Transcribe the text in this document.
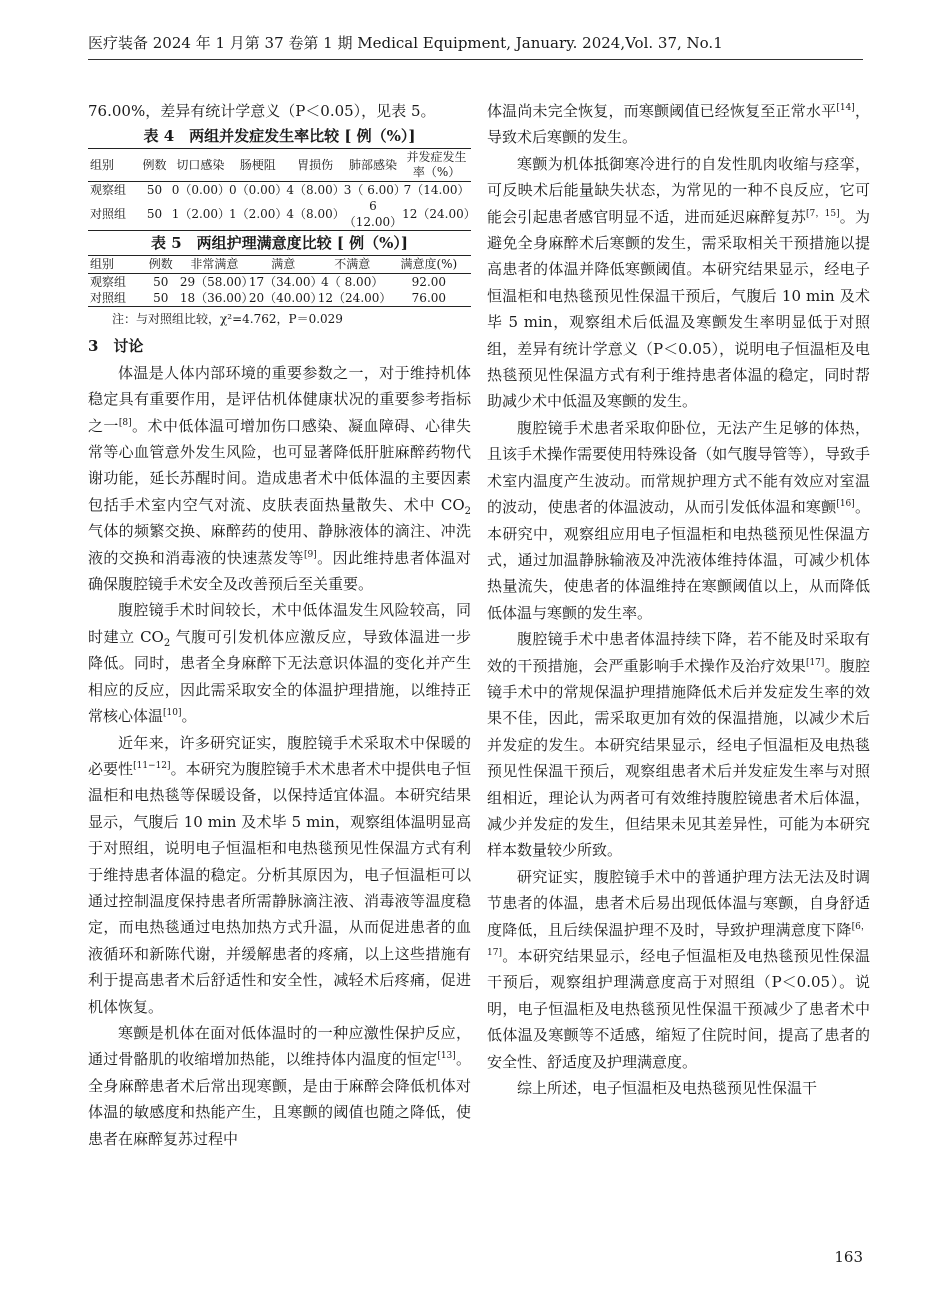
医疗装备 2024 年 1 月第 37 卷第 1 期 Medical Equipment, January. 2024,Vol. 37, No.1

76.00%，差异有统计学意义（P＜0.05），见表 5。

表 4　两组并发症发生率比较 [ 例（%）]
组别	例数	切口感染	肠梗阻	胃损伤	肺部感染	并发症发生率（%）
观察组	50	0（0.00）	0（0.00）	4（8.00）	3（ 6.00）	7（14.00）
对照组	50	1（2.00）	1（2.00）	4（8.00）	6（12.00）	12（24.00）
表 5　两组护理满意度比较 [ 例（%）]
组别	例数	非常满意	满意	不满意	满意度(%)
观察组	50	29（58.00）	17（34.00）	4（ 8.00）	92.00
对照组	50	18（36.00）	20（40.00）	12（24.00）	76.00
注：与对照组比较，χ²=4.762，P＝0.029
3　讨论

体温是人体内部环境的重要参数之一，对于维持机体稳定具有重要作用，是评估机体健康状况的重要参考指标之一[8]。术中低体温可增加伤口感染、凝血障碍、心律失常等心血管意外发生风险，也可显著降低肝脏麻醉药物代谢功能，延长苏醒时间。造成患者术中低体温的主要因素包括手术室内空气对流、皮肤表面热量散失、术中 $CO_2$ 气体的频繁交换、麻醉药的使用、静脉液体的滴注、冲洗液的交换和消毒液的快速蒸发等[9]。因此维持患者体温对确保腹腔镜手术安全及改善预后至关重要。

腹腔镜手术时间较长，术中低体温发生风险较高，同时建立 $CO_2$ 气腹可引发机体应激反应，导致体温进一步降低。同时，患者全身麻醉下无法意识体温的变化并产生相应的反应，因此需采取安全的体温护理措施，以维持正常核心体温[10]。

近年来，许多研究证实，腹腔镜手术采取术中保暖的必要性[11−12]。本研究为腹腔镜手术术患者术中提供电子恒温柜和电热毯等保暖设备，以保持适宜体温。本研究结果显示，气腹后 10 min 及术毕 5 min，观察组体温明显高于对照组，说明电子恒温柜和电热毯预见性保温方式有利于维持患者体温的稳定。分析其原因为，电子恒温柜可以通过控制温度保持患者所需静脉滴注液、消毒液等温度稳定，而电热毯通过电热加热方式升温，从而促进患者的血液循环和新陈代谢，并缓解患者的疼痛，以上这些措施有利于提高患者术后舒适性和安全性，减轻术后疼痛，促进机体恢复。

寒颤是机体在面对低体温时的一种应激性保护反应，通过骨骼肌的收缩增加热能，以维持体内温度的恒定[13]。全身麻醉患者术后常出现寒颤，是由于麻醉会降低机体对体温的敏感度和热能产生，且寒颤的阈值也随之降低，使患者在麻醉复苏过程中

体温尚未完全恢复，而寒颤阈值已经恢复至正常水平[14]，导致术后寒颤的发生。

寒颤为机体抵御寒冷进行的自发性肌肉收缩与痉挛，可反映术后能量缺失状态，为常见的一种不良反应，它可能会引起患者感官明显不适，进而延迟麻醉复苏[7，15]。为避免全身麻醉术后寒颤的发生，需采取相关干预措施以提高患者的体温并降低寒颤阈值。本研究结果显示，经电子恒温柜和电热毯预见性保温干预后，气腹后 10 min 及术毕 5 min，观察组术后低温及寒颤发生率明显低于对照组，差异有统计学意义（P＜0.05），说明电子恒温柜及电热毯预见性保温方式有利于维持患者体温的稳定，同时帮助减少术中低温及寒颤的发生。

腹腔镜手术患者采取仰卧位，无法产生足够的体热，且该手术操作需要使用特殊设备（如气腹导管等），导致手术室内温度产生波动。而常规护理方式不能有效应对室温的波动，使患者的体温波动，从而引发低体温和寒颤[16]。本研究中，观察组应用电子恒温柜和电热毯预见性保温方式，通过加温静脉输液及冲洗液体维持体温，可减少机体热量流失，使患者的体温维持在寒颤阈值以上，从而降低低体温与寒颤的发生率。

腹腔镜手术中患者体温持续下降，若不能及时采取有效的干预措施，会严重影响手术操作及治疗效果[17]。腹腔镜手术中的常规保温护理措施降低术后并发症发生率的效果不佳，因此，需采取更加有效的保温措施，以减少术后并发症的发生。本研究结果显示，经电子恒温柜及电热毯预见性保温干预后，观察组患者术后并发症发生率与对照组相近，理论认为两者可有效维持腹腔镜患者术后体温，减少并发症的发生，但结果未见其差异性，可能为本研究样本数量较少所致。

研究证实，腹腔镜手术中的普通护理方法无法及时调节患者的体温，患者术后易出现低体温与寒颤，自身舒适度降低，且后续保温护理不及时，导致护理满意度下降[6，17]。本研究结果显示，经电子恒温柜及电热毯预见性保温干预后，观察组护理满意度高于对照组（P＜0.05）。说明，电子恒温柜及电热毯预见性保温干预减少了患者术中低体温及寒颤等不适感，缩短了住院时间，提高了患者的安全性、舒适度及护理满意度。

综上所述，电子恒温柜及电热毯预见性保温干

163
